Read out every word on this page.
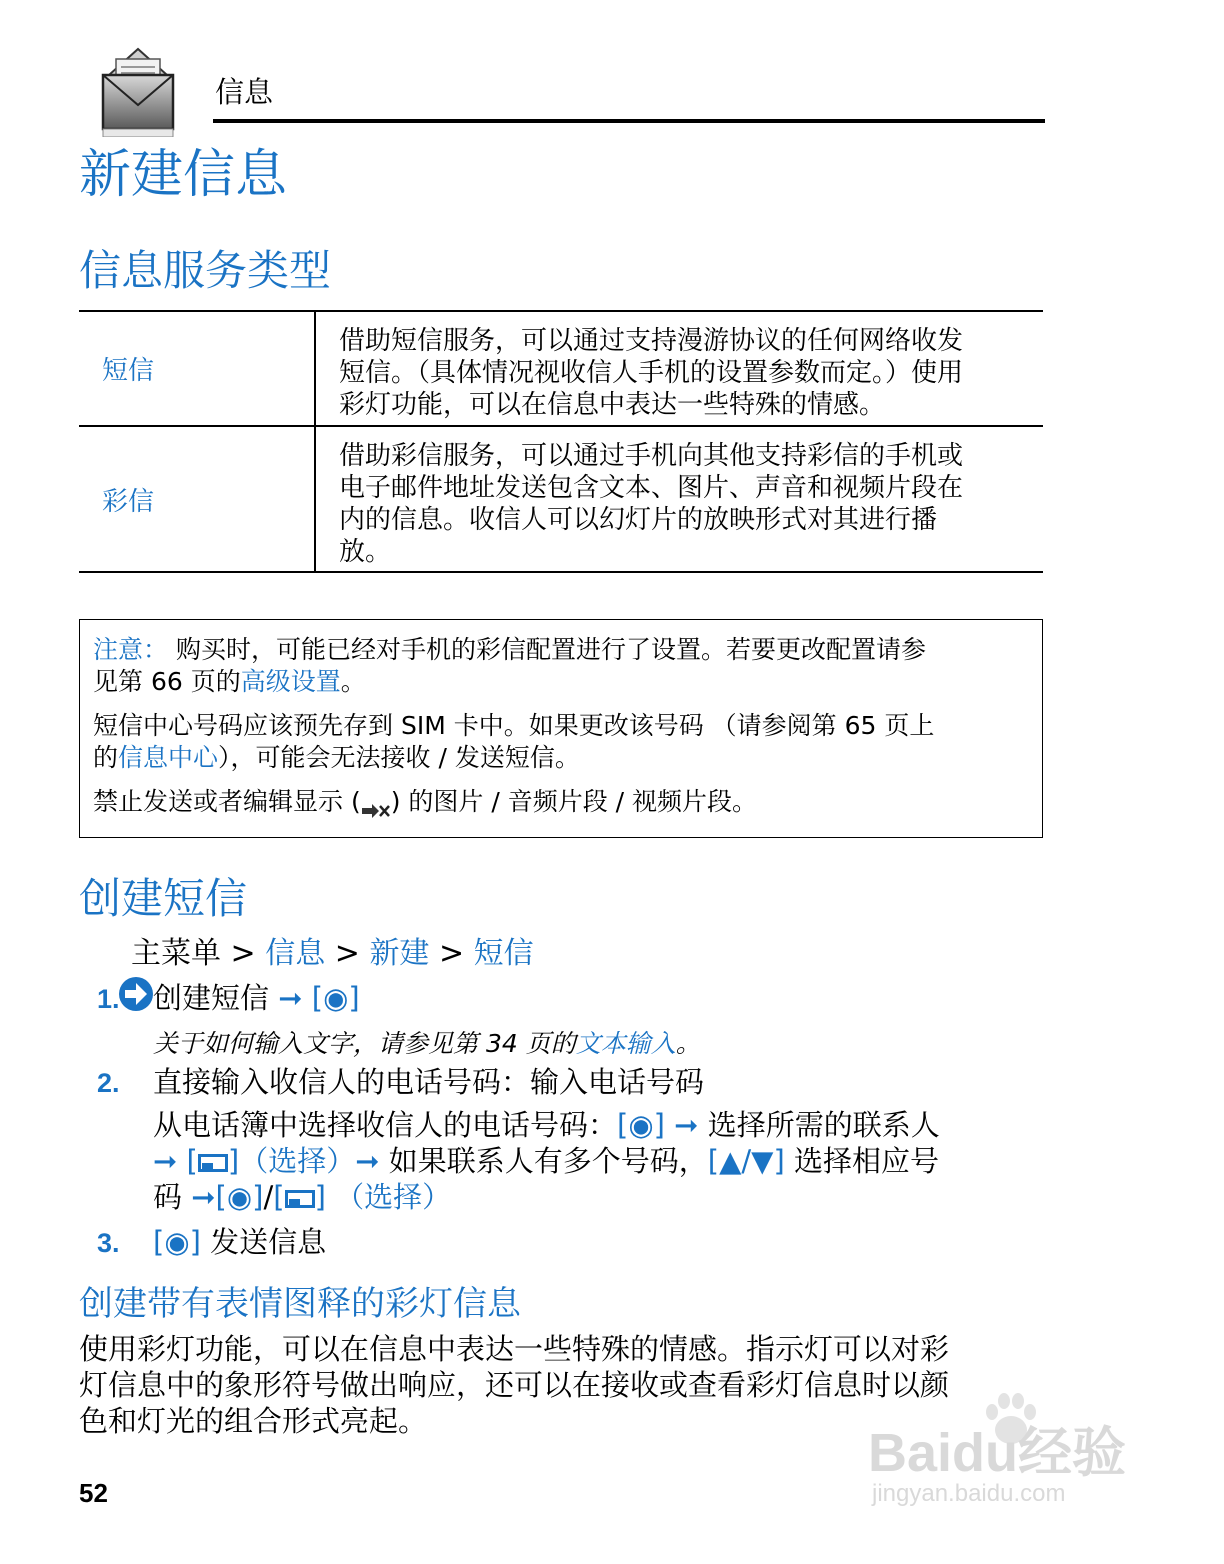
信息
新建信息
信息服务类型
短信
借助短信服务，可以通过支持漫游协议的任何网络收发
短信。（具体情况视收信人手机的设置参数而定。）使用
彩灯功能，可以在信息中表达一些特殊的情感。
彩信
借助彩信服务，可以通过手机向其他支持彩信的手机或
电子邮件地址发送包含文本、图片、声音和视频片段在
内的信息。收信人可以幻灯片的放映形式对其进行播
放。

注意： 购买时，可能已经对手机的彩信配置进行了设置。若要更改配置请参
见第 66 页的高级设置。

短信中心号码应该预先存到 SIM 卡中。如果更改该号码 （请参阅第 65 页上
的信息中心），可能会无法接收 / 发送短信。

禁止发送或者编辑显示 ( ) 的图片 / 音频片段 / 视频片段。

创建短信

主菜单 > 信息 > 新建 > 短信
1. 创建短信 ➞ [◉]
关于如何输入文字，请参见第 34 页的文本输入。
2. 直接输入收信人的电话号码：输入电话号码
从电话簿中选择收信人的电话号码：[◉] ➞ 选择所需的联系人
➞ [ ]（选择）➞ 如果联系人有多个号码，[▲/▼] 选择相应号
码 ➞[◉]/[ ] （选择）
3. [◉] 发送信息
创建带有表情图释的彩灯信息
使用彩灯功能，可以在信息中表达一些特殊的情感。指示灯可以对彩
灯信息中的象形符号做出响应，还可以在接收或查看彩灯信息时以颜
色和灯光的组合形式亮起。
52
Baidu经验
jingyan.baidu.com
